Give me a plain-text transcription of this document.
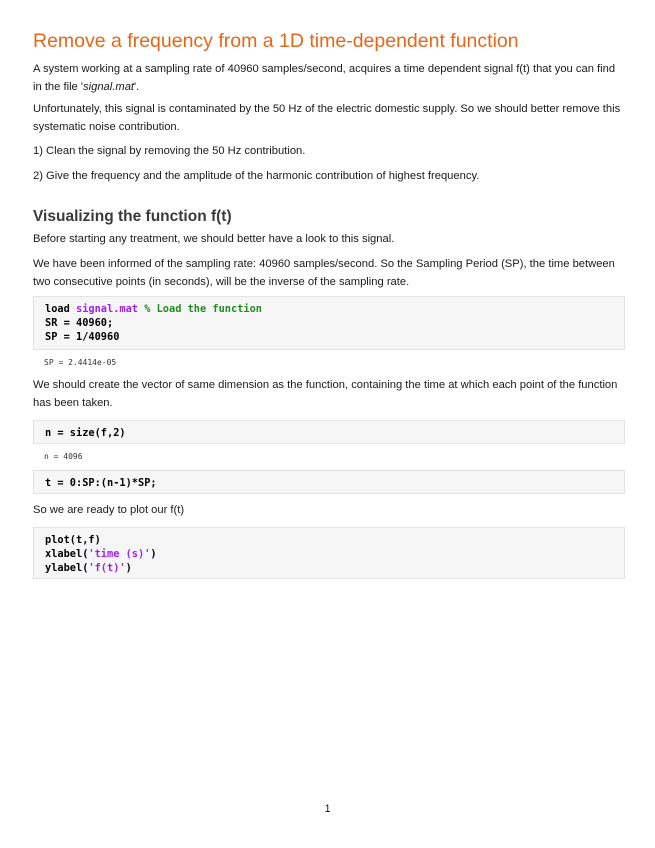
Remove a frequency from a 1D time-dependent function

A system working at a sampling rate of 40960 samples/second, acquires a time dependent signal f(t) that you can find in the file 'signal.mat'.

Unfortunately, this signal is contaminated by the 50 Hz of the electric domestic supply. So we should better remove this systematic noise contribution.

1) Clean the signal by removing the 50 Hz contribution.

2) Give the frequency and the amplitude of the harmonic contribution of highest frequency.

Visualizing the function f(t)

Before starting any treatment, we should better have a look to this signal.

We have been informed of the sampling rate: 40960 samples/second. So the Sampling Period (SP), the time between two consecutive points (in seconds), will be the inverse of the sampling rate.

load signal.mat % Load the function
SR = 40960;
SP = 1/40960
SP = 2.4414e-05

We should create the vector of same dimension as the function, containing the time at which each point of the function has been taken.

n = size(f,2)
n = 4096
t = 0:SP:(n-1)*SP;

So we are ready to plot our f(t)

plot(t,f)
xlabel('time (s)')
ylabel('f(t)')
1
